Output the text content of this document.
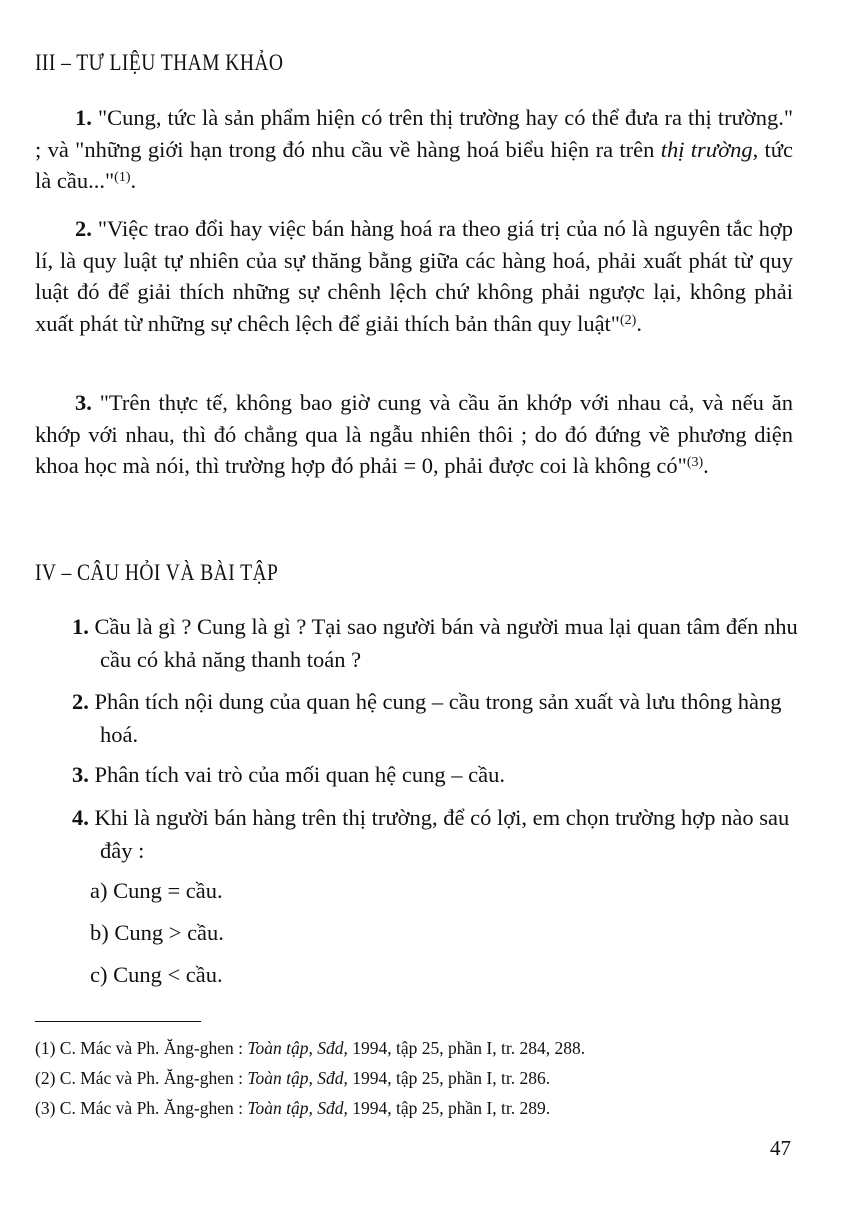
III – TƯ LIỆU THAM KHẢO
1. "Cung, tức là sản phẩm hiện có trên thị trường hay có thể đưa ra thị trường." ; và "những giới hạn trong đó nhu cầu về hàng hoá biểu hiện ra trên thị trường, tức là cầu..."$^{(1)}$.
2. "Việc trao đổi hay việc bán hàng hoá ra theo giá trị của nó là nguyên tắc hợp lí, là quy luật tự nhiên của sự thăng bằng giữa các hàng hoá, phải xuất phát từ quy luật đó để giải thích những sự chênh lệch chứ không phải ngược lại, không phải xuất phát từ những sự chêch lệch để giải thích bản thân quy luật"$^{(2)}$.
3. "Trên thực tế, không bao giờ cung và cầu ăn khớp với nhau cả, và nếu ăn khớp với nhau, thì đó chẳng qua là ngẫu nhiên thôi ; do đó đứng về phương diện khoa học mà nói, thì trường hợp đó phải = 0, phải được coi là không có"$^{(3)}$.
IV – CÂU HỎI VÀ BÀI TẬP
1. Cầu là gì ? Cung là gì ? Tại sao người bán và người mua lại quan tâm đến nhu cầu có khả năng thanh toán ?
2. Phân tích nội dung của quan hệ cung – cầu trong sản xuất và lưu thông hàng hoá.
3. Phân tích vai trò của mối quan hệ cung – cầu.
4. Khi là người bán hàng trên thị trường, để có lợi, em chọn trường hợp nào sau đây :
a) Cung = cầu.
b) Cung > cầu.
c) Cung < cầu.
(1) C. Mác và Ph. Ăng-ghen : Toàn tập, Sđd, 1994, tập 25, phần I, tr. 284, 288.
(2) C. Mác và Ph. Ăng-ghen : Toàn tập, Sđd, 1994, tập 25, phần I, tr. 286.
(3) C. Mác và Ph. Ăng-ghen : Toàn tập, Sđd, 1994, tập 25, phần I, tr. 289.
47
